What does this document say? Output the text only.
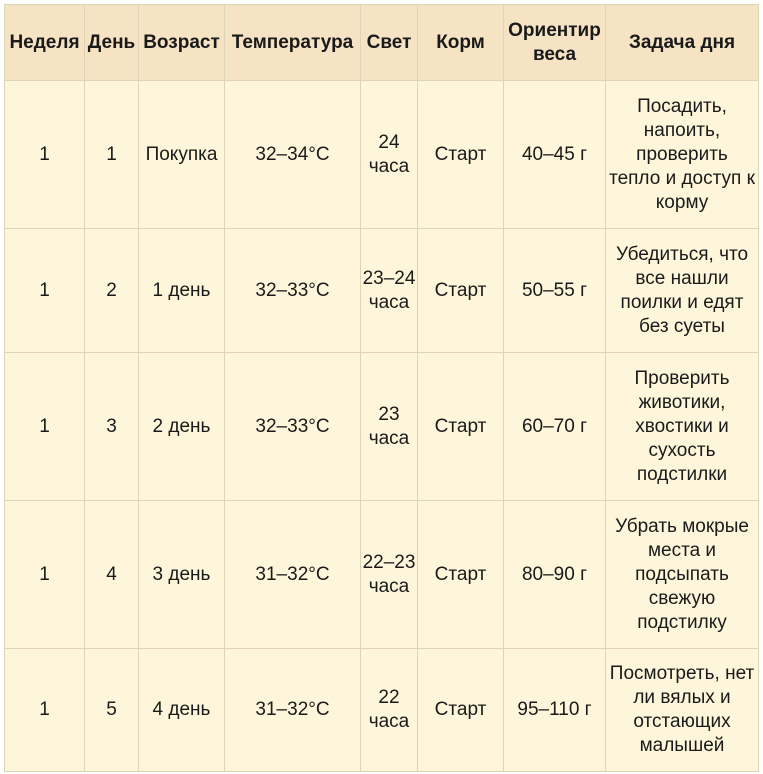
Неделя	День	Возраст	Температура	Свет	Корм	Ориентир веса	Задача дня
1	1	Покупка	32–34°C	24 часа	Старт	40–45 г	Посадить, напоить, проверить тепло и доступ к корму
1	2	1 день	32–33°C	23–24 часа	Старт	50–55 г	Убедиться, что все нашли поилки и едят без суеты
1	3	2 день	32–33°C	23 часа	Старт	60–70 г	Проверить животики, хвостики и сухость подстилки
1	4	3 день	31–32°C	22–23 часа	Старт	80–90 г	Убрать мокрые места и подсыпать свежую подстилку
1	5	4 день	31–32°C	22 часа	Старт	95–110 г	Посмотреть, нет ли вялых и отстающих малышей
